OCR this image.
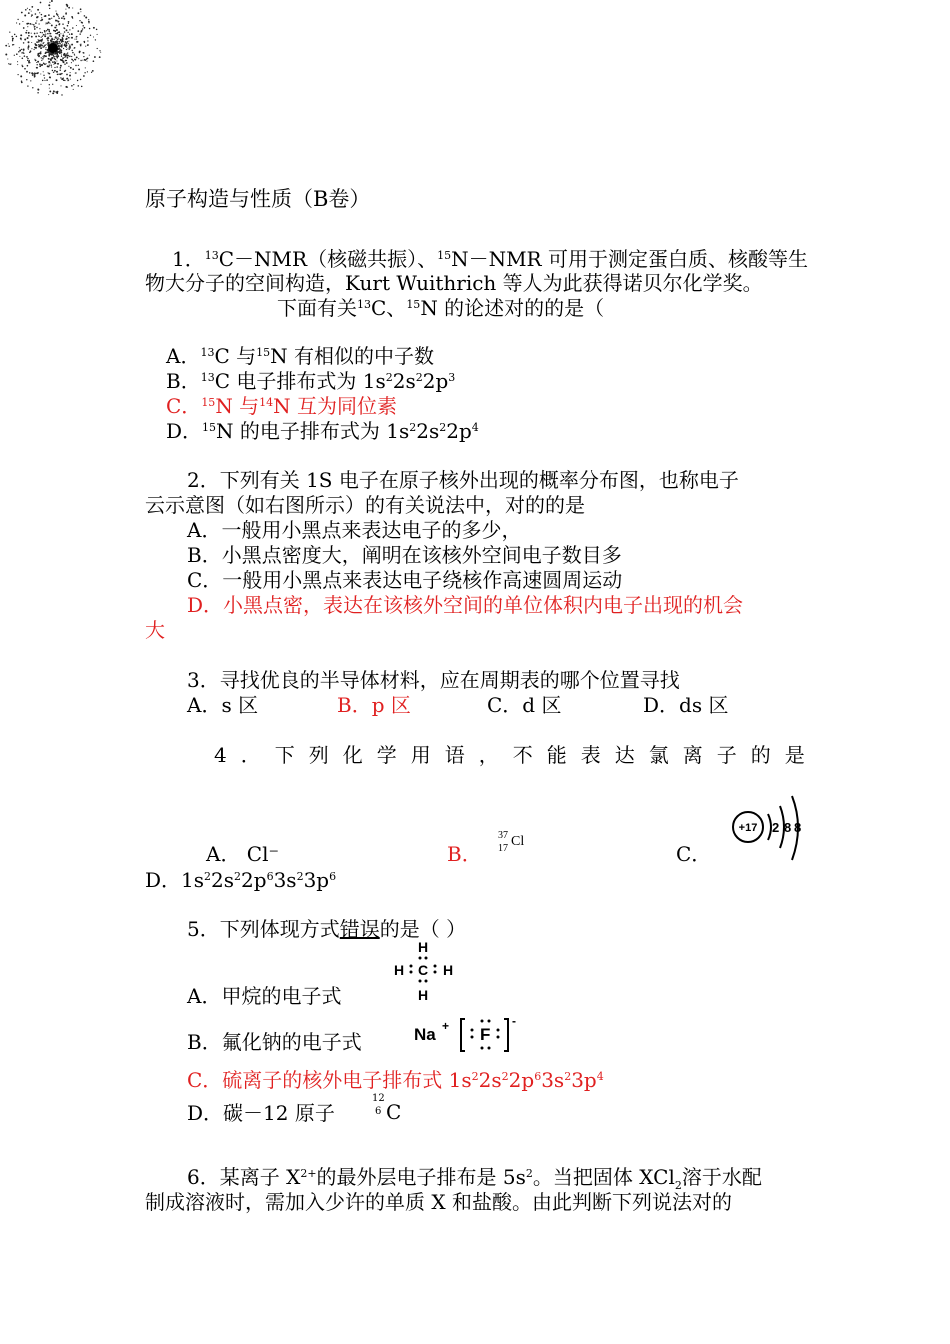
原子构造与性质（B卷）
1．$^{13}$C－NMR（核磁共振）、$^{15}$N－NMR 可用于测定蛋白质、核酸等生
物大分子的空间构造，Kurt Wuithrich 等人为此获得诺贝尔化学奖。
下面有关$^{13}$C、$^{15}$N 的论述对的的是（
A．$^{13}$C 与$^{15}$N 有相似的中子数
B．$^{13}$C 电子排布式为 $1s^22s^22p^3$
C．$^{15}$N 与$^{14}$N 互为同位素
D．$^{15}$N 的电子排布式为 $1s^22s^22p^4$
2．下列有关 1S 电子在原子核外出现的概率分布图，也称电子
云示意图（如右图所示）的有关说法中，对的的是
A．一般用小黑点来表达电子的多少，
B．小黑点密度大，阐明在该核外空间电子数目多
C．一般用小黑点来表达电子绕核作高速圆周运动
D．小黑点密，表达在该核外空间的单位体积内电子出现的机会
大
3．寻找优良的半导体材料，应在周期表的哪个位置寻找
A．s 区	B．p 区	C．d 区	D．ds 区
4．下列化学用语，不能表达氯离子的是
A． Cl⁻	B．
37
17 Cl
C．
+17 2 8 8
D．$1s^22s^22p^63s^23p^6$
5．下列体现方式错误的是（ ）
A．甲烷的电子式
H
H C H
H
B．氟化钠的电子式	Na + F
-
C．硫离子的核外电子排布式 $1s^22s^22p^63s^23p^4$
D．碳－12 原子
12
6 C
6．某离子 $X^{2+}$的最外层电子排布是 $5s^2$。当把固体 XCl$_2$溶于水配
制成溶液时，需加入少许的单质 X 和盐酸。由此判断下列说法对的
